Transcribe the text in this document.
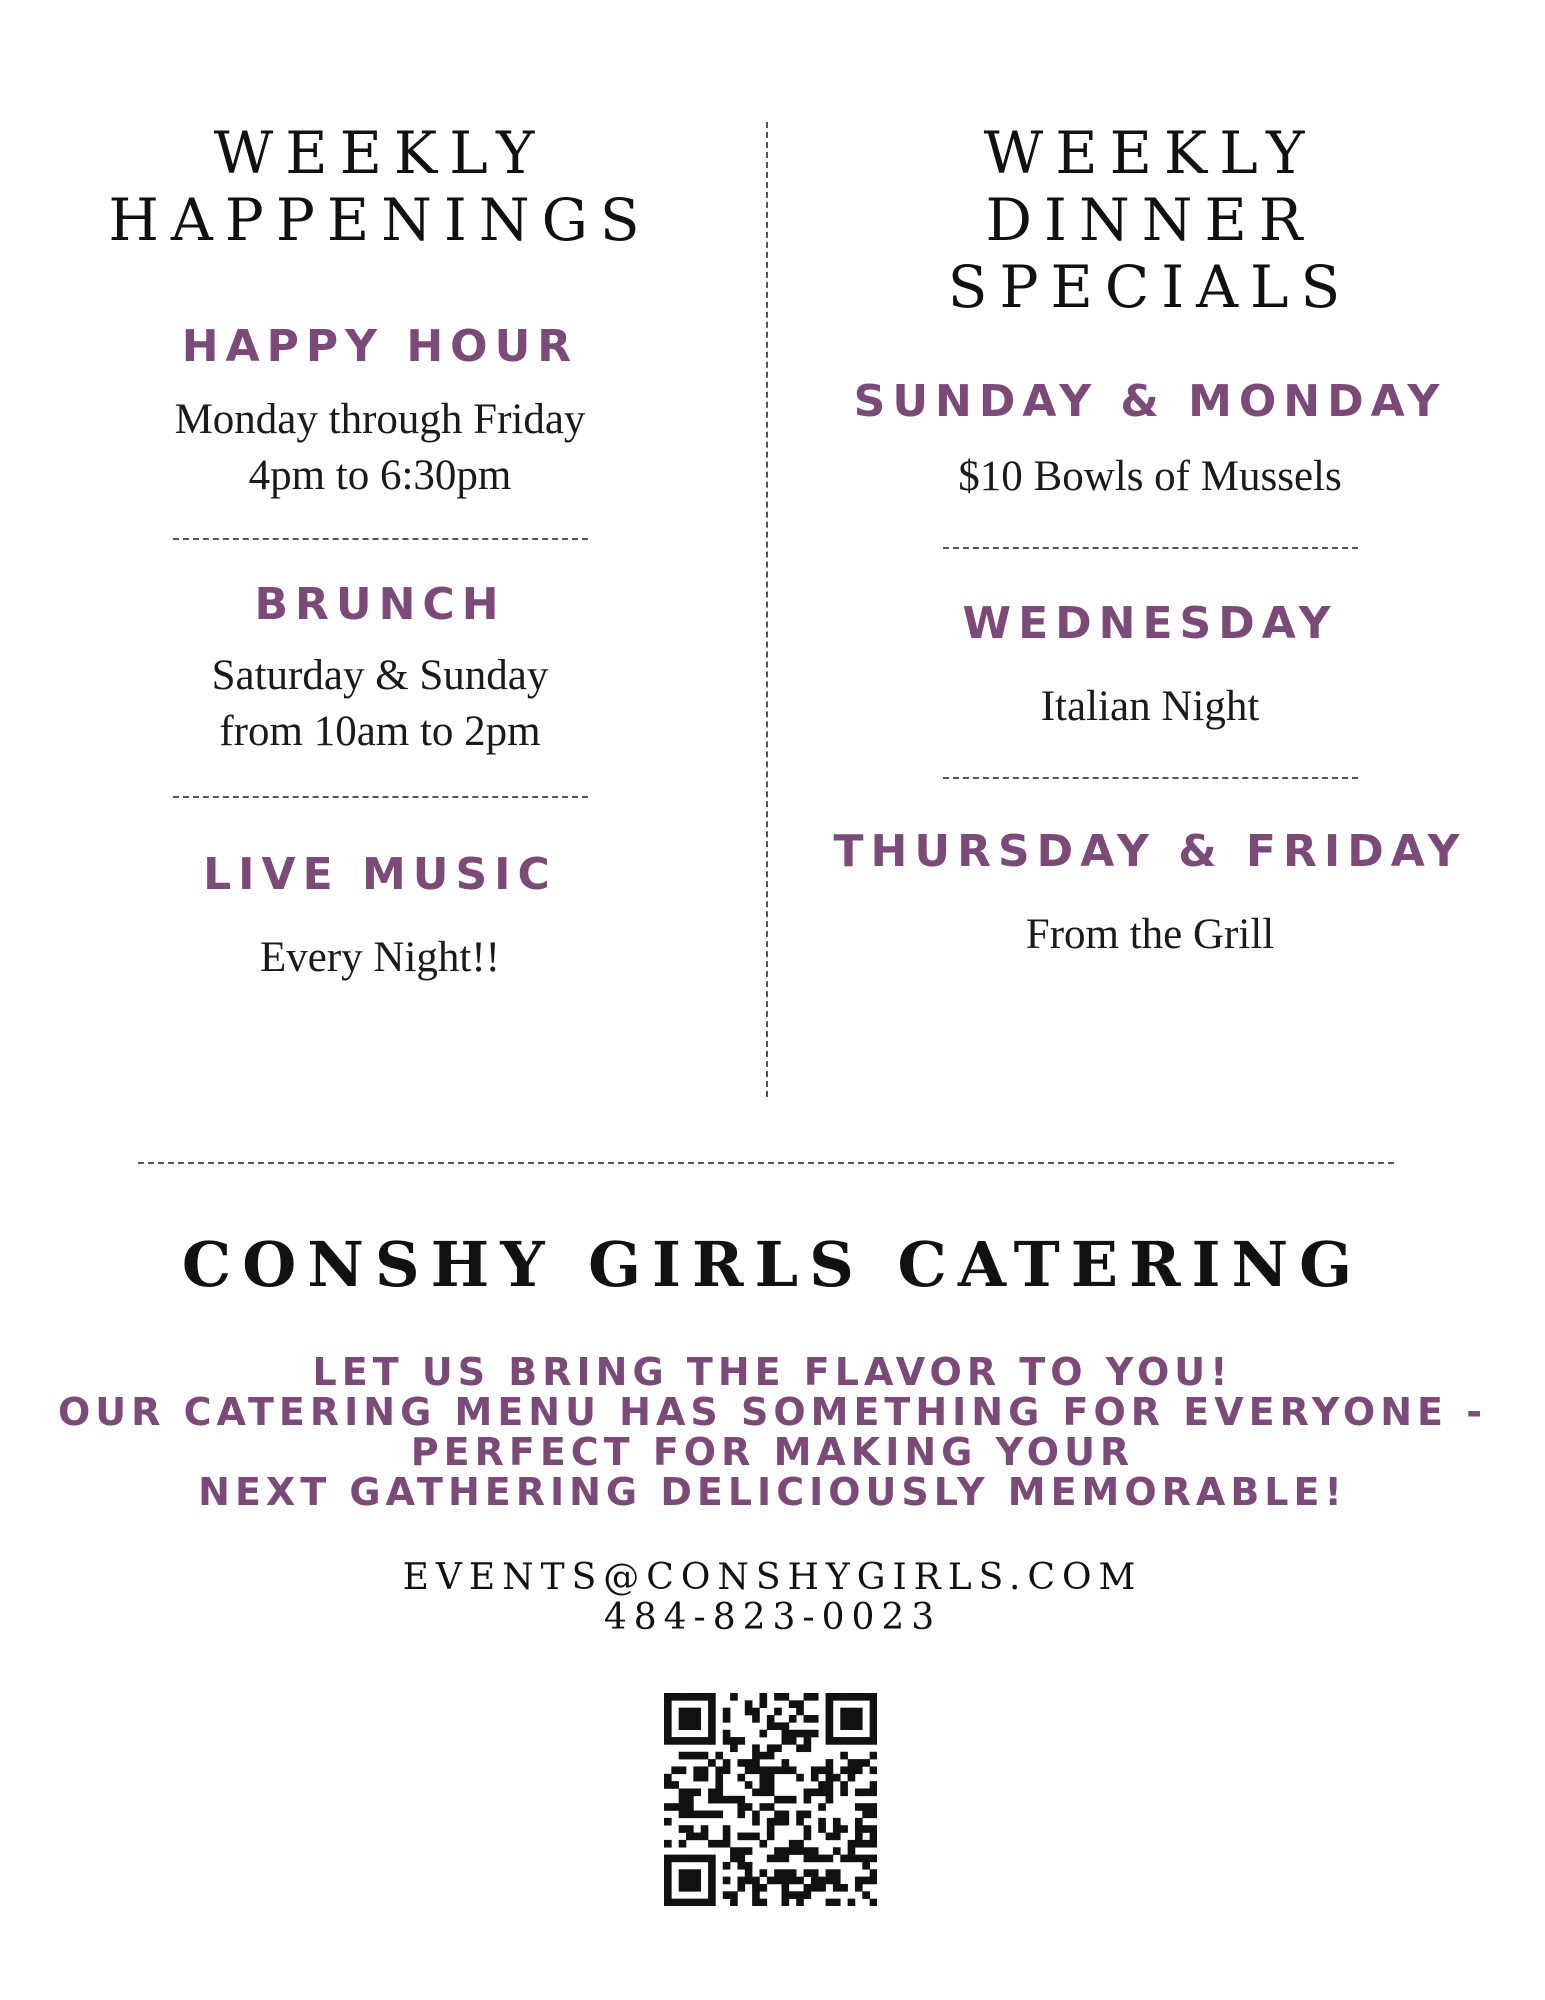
WEEKLY
HAPPENINGS
HAPPY HOUR

Monday through Friday

4pm to 6:30pm

BRUNCH

Saturday & Sunday

from 10am to 2pm

LIVE MUSIC

Every Night!!

WEEKLY
DINNER
SPECIALS
SUNDAY & MONDAY

$10 Bowls of Mussels

WEDNESDAY

Italian Night

THURSDAY & FRIDAY

From the Grill

CONSHY GIRLS CATERING
LET US BRING THE FLAVOR TO YOU!
OUR CATERING MENU HAS SOMETHING FOR EVERYONE -
PERFECT FOR MAKING YOUR
NEXT GATHERING DELICIOUSLY MEMORABLE!
EVENTS@CONSHYGIRLS.COM
484-823-0023
